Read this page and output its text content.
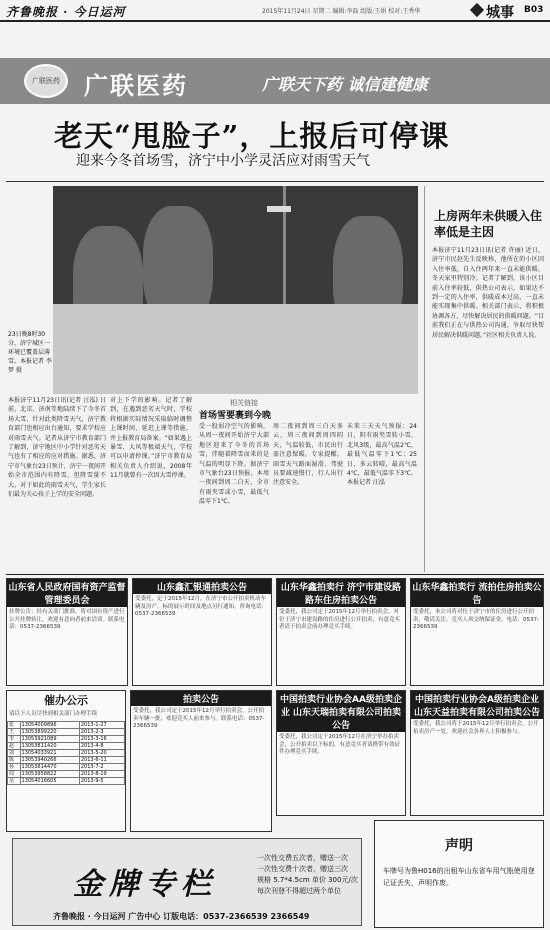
齐鲁晚报 · 今日运河	2015年11月24日 星期二 编辑:李磊 组版:王娟 校对:王秀华	城事 B03
广联医药	广联医药	广联天下药 诚信建健康
老天“甩脸子”，上报后可停课
迎来今冬首场雪，济宁中小学灵活应对雨雪天气
23日晚8时30分，济宁城区一环境已覆盖层薄雪。本报记者 李梦 摄
本报济宁11月23日讯(记者 汪泓) 日前，北京、济南等地陆续下了今冬首场大雪，针对此类降雪天气，济宁教育部门也相应出台通知，要求学校应对雨雪天气。记者从济宁市教育部门了解到，济宁地区中小学针对恶劣天气也有了相应的应对措施。据悉，济宁市气象台23日预计，济宁一夜间开始全市范围内有降雪，但降雪量不大。对于如此的雨雪天气，学生家长们最为关心孩子上学的安全问题。
对上下学的影响。记者了解到，在遇到恶劣天气时，学校将根据实际情况采取临时调整上课时间、延迟上课等措施，并上报教育局备案。“如果遇上暴雪、大风等极端天气，学校可以申请停课。”济宁市教育局相关负责人介绍说，2008年11月就曾有一次因大雪停课。
相关链接
首场雪要裹到今晚
受一股弱冷空气的影响，从周一夜间开始济宁大部地区迎来了今冬的首场雪，伴随着降雪而来的是气温的明显下降。据济宁市气象台23日预报，本周一夜间到周二白天，全市有雨夹雪或小雪，最低气温零下1℃。
周二夜间到周三白天多云，周三夜间到周四阴天，气温较低，市民出行需注意保暖。专家提醒，雨雪天气路面湿滑，驾驶员要减速慢行，行人出行注意安全。
未来三天天气预报：24日，阴有雨夹雪转小雪，北风3级，最高气温2℃，最低气温零下1℃；25日，多云转晴，最高气温4℃，最低气温零下3℃。本报记者 汪泓
上房两年未供暖入住率低是主因
本报济宁11月23日讯(记者 许丽) 近日，济宁市民赵先生反映称，他所在的小区因入住率低，自入住两年来一直未能供暖，冬天家里特别冷。记者了解到，该小区目前入住率较低，供热公司表示，如果达不到一定的入住率，供暖成本过高，一直未能实现集中供暖。相关部门表示，将积极协调各方，尽快解决居民的供暖问题。“目前我们正在与供热公司沟通，争取尽快帮居民解决供暖问题。”社区相关负责人说。
山东省人民政府国有资产监督管理委员会
挂牌公告：经有关部门批准，将对国有资产进行公开挂牌转让，欢迎有意向者前来洽谈。联系电话：0537-2366539
山东鑫汇银通拍卖公告
受委托，定于2015年12月，在济宁市公开拍卖机动车辆及房产。标的展示时间及地点另行通知。咨询电话：0537-2366539
山东华鑫拍卖行 济宁市建设路路东住房拍卖公告
受委托，我公司定于2015年12月举行拍卖会，对位于济宁市建设路的住房进行公开拍卖，有意竞买者请于拍卖会前办理竞买手续。
山东华鑫拍卖行 流拍住房拍卖公告
受委托，本公司将对位于济宁市的住房进行公开拍卖，敬请关注。竞买人须交纳保证金。电话：0537-2366539
催办公示
请以下人员尽快到相关部门办理手续
张	13054009896	2013-1-27
王	13053899220	2013-2-3
李	13053921089	2013-3-16
赵	13053811420	2013-4-8
刘	13054033921	2013-5-20
陈	13053940266	2013-6-11
孙	13053814470	2013-7-2
周	13053958822	2013-8-19
吴	13054016605	2013-9-5
拍卖公告
受委托，我公司定于2015年12月举行拍卖会，公开拍卖车辆一批，欢迎竞买人前来参与。联系电话：0537-2366539
中国拍卖行业协会AA级拍卖企业 山东天瑞拍卖有限公司拍卖公告
受委托，我公司定于2015年12月在济宁举办拍卖会，公开拍卖以下标的，有意竞买者请携带有效证件办理竞买手续。
中国拍卖行业协会A级拍卖企业 山东天益拍卖有限公司拍卖公告
受委托，我公司将于2015年12月举行拍卖会，公开拍卖房产一处，欢迎社会各界人士积极参与。
金牌专栏
一次性交费五次者，赠送一次
一次性交费十次者，赠送三次
规格 5.7*4.5cm 单价 300元/次
每次刊登不得超过两个单位
齐鲁晚报 · 今日运河 广告中心 订版电话：0537-2366539 2366549
声明
车牌号为鲁H016的出租车山东省车用气瓶使用登记证丢失，声明作废。
